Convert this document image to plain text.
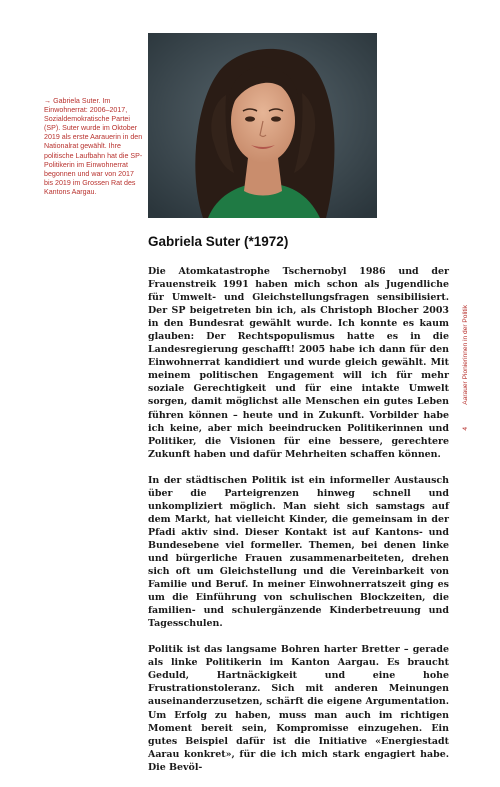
→ Gabriela Suter. Im Einwohnerrat: 2006–2017, Sozialdemokratische Partei (SP). Suter wurde im Oktober 2019 als erste Aarauerin in den Nationalrat gewählt. Ihre politische Laufbahn hat die SP-Politikerin im Einwohnerrat begonnen und war von 2017 bis 2019 im Grossen Rat des Kantons Aargau.
Gabriela Suter (*1972)

Die Atomkatastrophe Tschernobyl 1986 und der Frauenstreik 1991 haben mich schon als Jugendliche für Umwelt- und Gleichstellungsfragen sensibilisiert. Der SP beigetreten bin ich, als Christoph Blocher 2003 in den Bundesrat gewählt wurde. Ich konnte es kaum glauben: Der Rechtspopulismus hatte es in die Landesregierung geschafft! 2005 habe ich dann für den Einwohnerrat kandidiert und wurde gleich gewählt. Mit meinem politischen Engagement will ich für mehr soziale Gerechtigkeit und für eine intakte Umwelt sorgen, damit möglichst alle Menschen ein gutes Leben führen können – heute und in Zukunft. Vorbilder habe ich keine, aber mich beeindrucken Politikerinnen und Politiker, die Visionen für eine bessere, gerechtere Zukunft haben und dafür Mehrheiten schaffen können.

In der städtischen Politik ist ein informeller Austausch über die Parteigrenzen hinweg schnell und unkompliziert möglich. Man sieht sich samstags auf dem Markt, hat vielleicht Kinder, die gemeinsam in der Pfadi aktiv sind. Dieser Kontakt ist auf Kantons- und Bundesebene viel formeller. Themen, bei denen linke und bürgerliche Frauen zusammenarbeiteten, drehen sich oft um Gleichstellung und die Vereinbarkeit von Familie und Beruf. In meiner Einwohnerratszeit ging es um die Einführung von schulischen Blockzeiten, die familien- und schulergänzende Kinderbetreuung und Tagesschulen.

Politik ist das langsame Bohren harter Bretter – gerade als linke Politikerin im Kanton Aargau. Es braucht Geduld, Hartnäckigkeit und eine hohe Frustrationstoleranz. Sich mit anderen Meinungen auseinanderzusetzen, schärft die eigene Argumentation. Um Erfolg zu haben, muss man auch im richtigen Moment bereit sein, Kompromisse einzugehen. Ein gutes Beispiel dafür ist die Initiative «Energiestadt Aarau konkret», für die ich mich stark engagiert habe. Die Bevöl-

Aarauer Pionierinnen in der Politik
4
